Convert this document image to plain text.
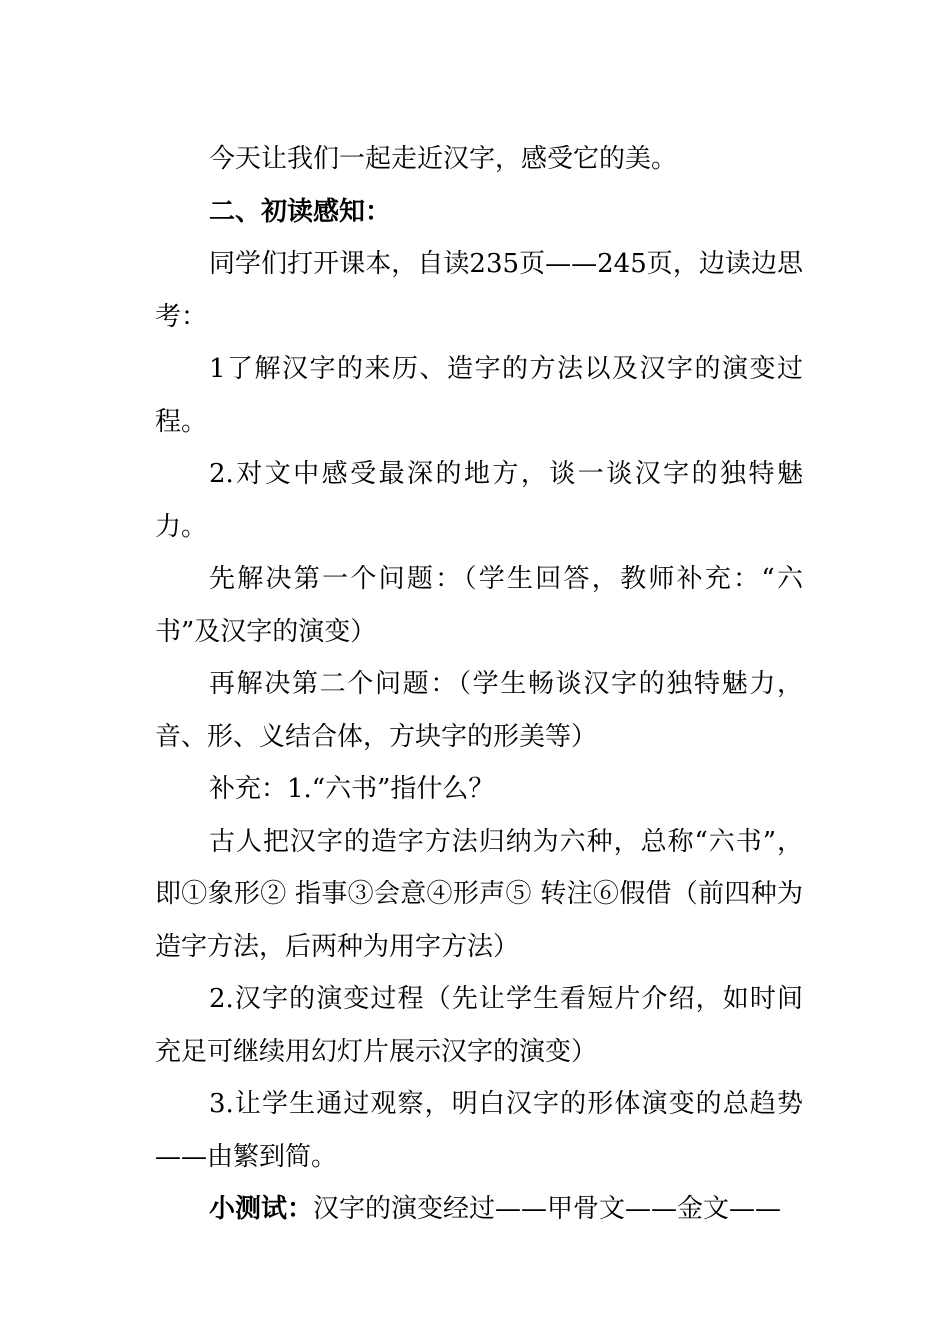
今天让我们一起走近汉字，感受它的美。

二、初读感知：

同学们打开课本，自读235页——245页，边读边思考：

1了解汉字的来历、造字的方法以及汉字的演变过程。

2.对文中感受最深的地方，谈一谈汉字的独特魅力。

先解决第一个问题：（学生回答，教师补充：“六书”及汉字的演变）

再解决第二个问题：（学生畅谈汉字的独特魅力，音、形、义结合体，方块字的形美等）

补充：1.“六书”指什么？

古人把汉字的造字方法归纳为六种，总称“六书”，即①象形② 指事③会意④形声⑤ 转注⑥假借（前四种为造字方法，后两种为用字方法）

2.汉字的演变过程（先让学生看短片介绍，如时间充足可继续用幻灯片展示汉字的演变）

3.让学生通过观察，明白汉字的形体演变的总趋势——由繁到简。

小测试：汉字的演变经过——甲骨文——金文——
